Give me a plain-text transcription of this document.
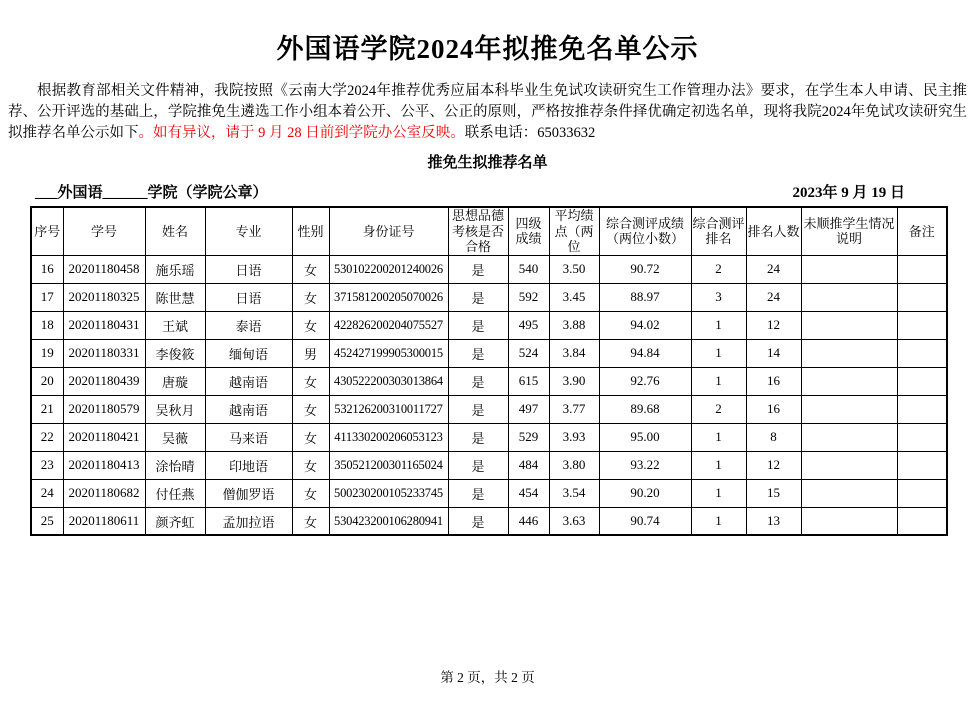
外国语学院2024年拟推免名单公示
根据教育部相关文件精神，我院按照《云南大学2024年推荐优秀应届本科毕业生免试攻读研究生工作管理办法》要求，在学生本人申请、民主推荐、公开评选的基础上，学院推免生遴选工作小组本着公开、公平、公正的原则，严格按推荐条件择优确定初选名单，现将我院2024年免试攻读研究生拟推荐名单公示如下。如有异议，请于 9 月 28 日前到学院办公室反映。联系电话：65033632
推免生拟推荐名单
___外国语______学院（学院公章）	2023年 9 月 19 日
序号	学号	姓名	专业	性别	身份证号	思想品德考核是否合格	四级成绩	平均绩点（两位	综合测评成绩（两位小数）	综合测评排名	排名人数	未顺推学生情况说明	备注
16	20201180458	施乐瑶	日语	女	530102200201240026	是	540	3.50	90.72	2	24		
17	20201180325	陈世慧	日语	女	371581200205070026	是	592	3.45	88.97	3	24		
18	20201180431	王斌	泰语	女	422826200204075527	是	495	3.88	94.02	1	12		
19	20201180331	李俊筱	缅甸语	男	452427199905300015	是	524	3.84	94.84	1	14		
20	20201180439	唐璇	越南语	女	430522200303013864	是	615	3.90	92.76	1	16		
21	20201180579	吴秋月	越南语	女	532126200310011727	是	497	3.77	89.68	2	16		
22	20201180421	吴薇	马来语	女	411330200206053123	是	529	3.93	95.00	1	8		
23	20201180413	涂怡晴	印地语	女	350521200301165024	是	484	3.80	93.22	1	12		
24	20201180682	付任燕	僧伽罗语	女	500230200105233745	是	454	3.54	90.20	1	15		
25	20201180611	颜齐虹	孟加拉语	女	530423200106280941	是	446	3.63	90.74	1	13		
第 2 页，共 2 页
